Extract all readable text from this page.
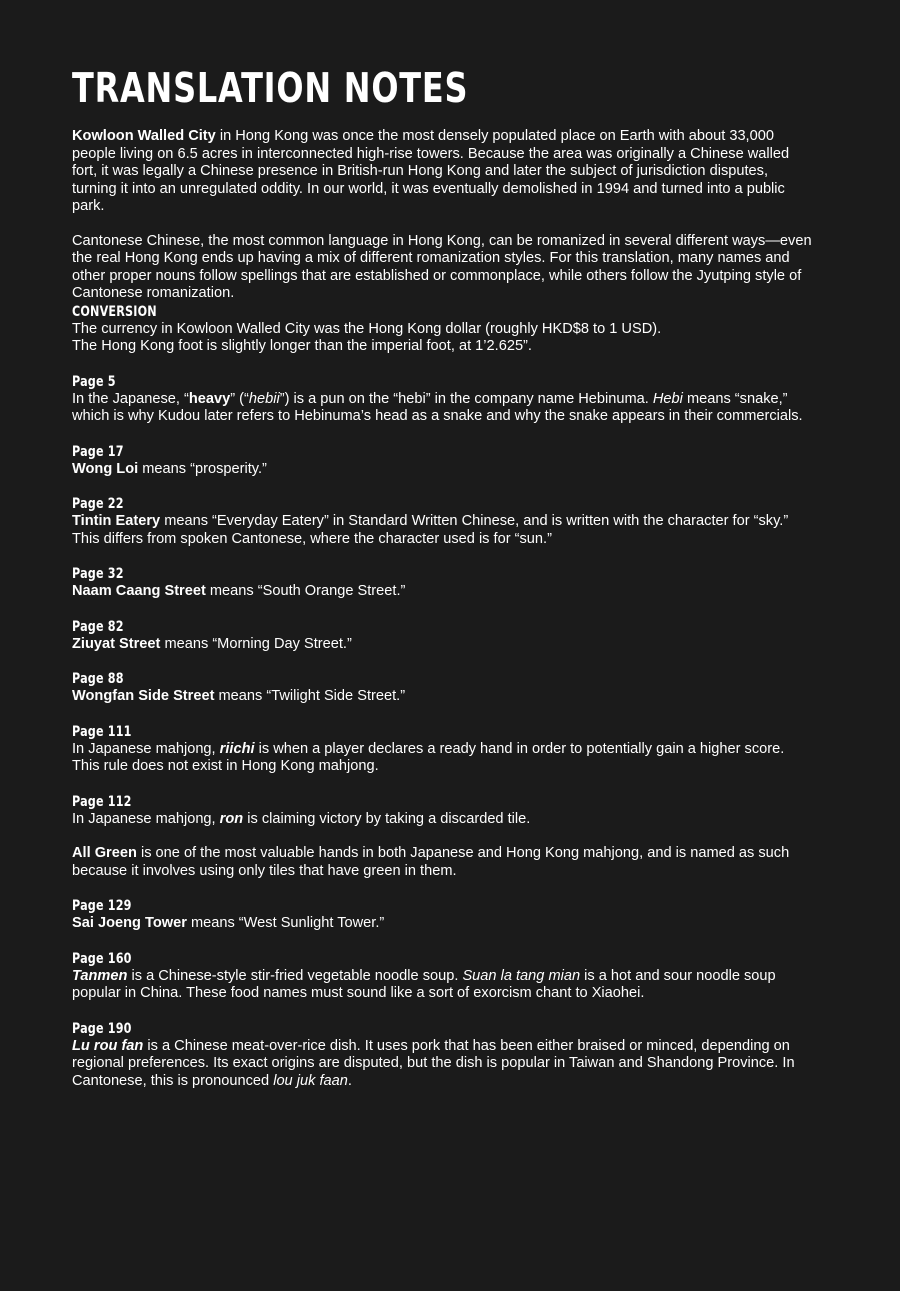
TRANSLATION NOTES

Kowloon Walled City in Hong Kong was once the most densely populated place on Earth with about 33,000 people living on 6.5 acres in interconnected high-rise towers. Because the area was originally a Chinese walled fort, it was legally a Chinese presence in British-run Hong Kong and later the subject of jurisdiction disputes, turning it into an unregulated oddity. In our world, it was eventually demolished in 1994 and turned into a public park.

Cantonese Chinese, the most common language in Hong Kong, can be romanized in several different ways—even the real Hong Kong ends up having a mix of different romanization styles. For this translation, many names and other proper nouns follow spellings that are established or commonplace, while others follow the Jyutping style of Cantonese romanization.

CONVERSION

The currency in Kowloon Walled City was the Hong Kong dollar (roughly HKD$8 to 1 USD).

The Hong Kong foot is slightly longer than the imperial foot, at 1’2.625”.

Page 5

In the Japanese, “heavy” (“hebii”) is a pun on the “hebi” in the company name Hebinuma. Hebi means “snake,” which is why Kudou later refers to Hebinuma’s head as a snake and why the snake appears in their commercials.

Page 17

Wong Loi means “prosperity.”

Page 22

Tintin Eatery means “Everyday Eatery” in Standard Written Chinese, and is written with the character for “sky.” This differs from spoken Cantonese, where the character used is for “sun.”

Page 32

Naam Caang Street means “South Orange Street.”

Page 82

Ziuyat Street means “Morning Day Street.”

Page 88

Wongfan Side Street means “Twilight Side Street.”

Page 111

In Japanese mahjong, riichi is when a player declares a ready hand in order to potentially gain a higher score. This rule does not exist in Hong Kong mahjong.

Page 112

In Japanese mahjong, ron is claiming victory by taking a discarded tile.

All Green is one of the most valuable hands in both Japanese and Hong Kong mahjong, and is named as such because it involves using only tiles that have green in them.

Page 129

Sai Joeng Tower means “West Sunlight Tower.”

Page 160

Tanmen is a Chinese-style stir-fried vegetable noodle soup. Suan la tang mian is a hot and sour noodle soup popular in China. These food names must sound like a sort of exorcism chant to Xiaohei.

Page 190

Lu rou fan is a Chinese meat-over-rice dish. It uses pork that has been either braised or minced, depending on regional preferences. Its exact origins are disputed, but the dish is popular in Taiwan and Shandong Province. In Cantonese, this is pronounced lou juk faan.
